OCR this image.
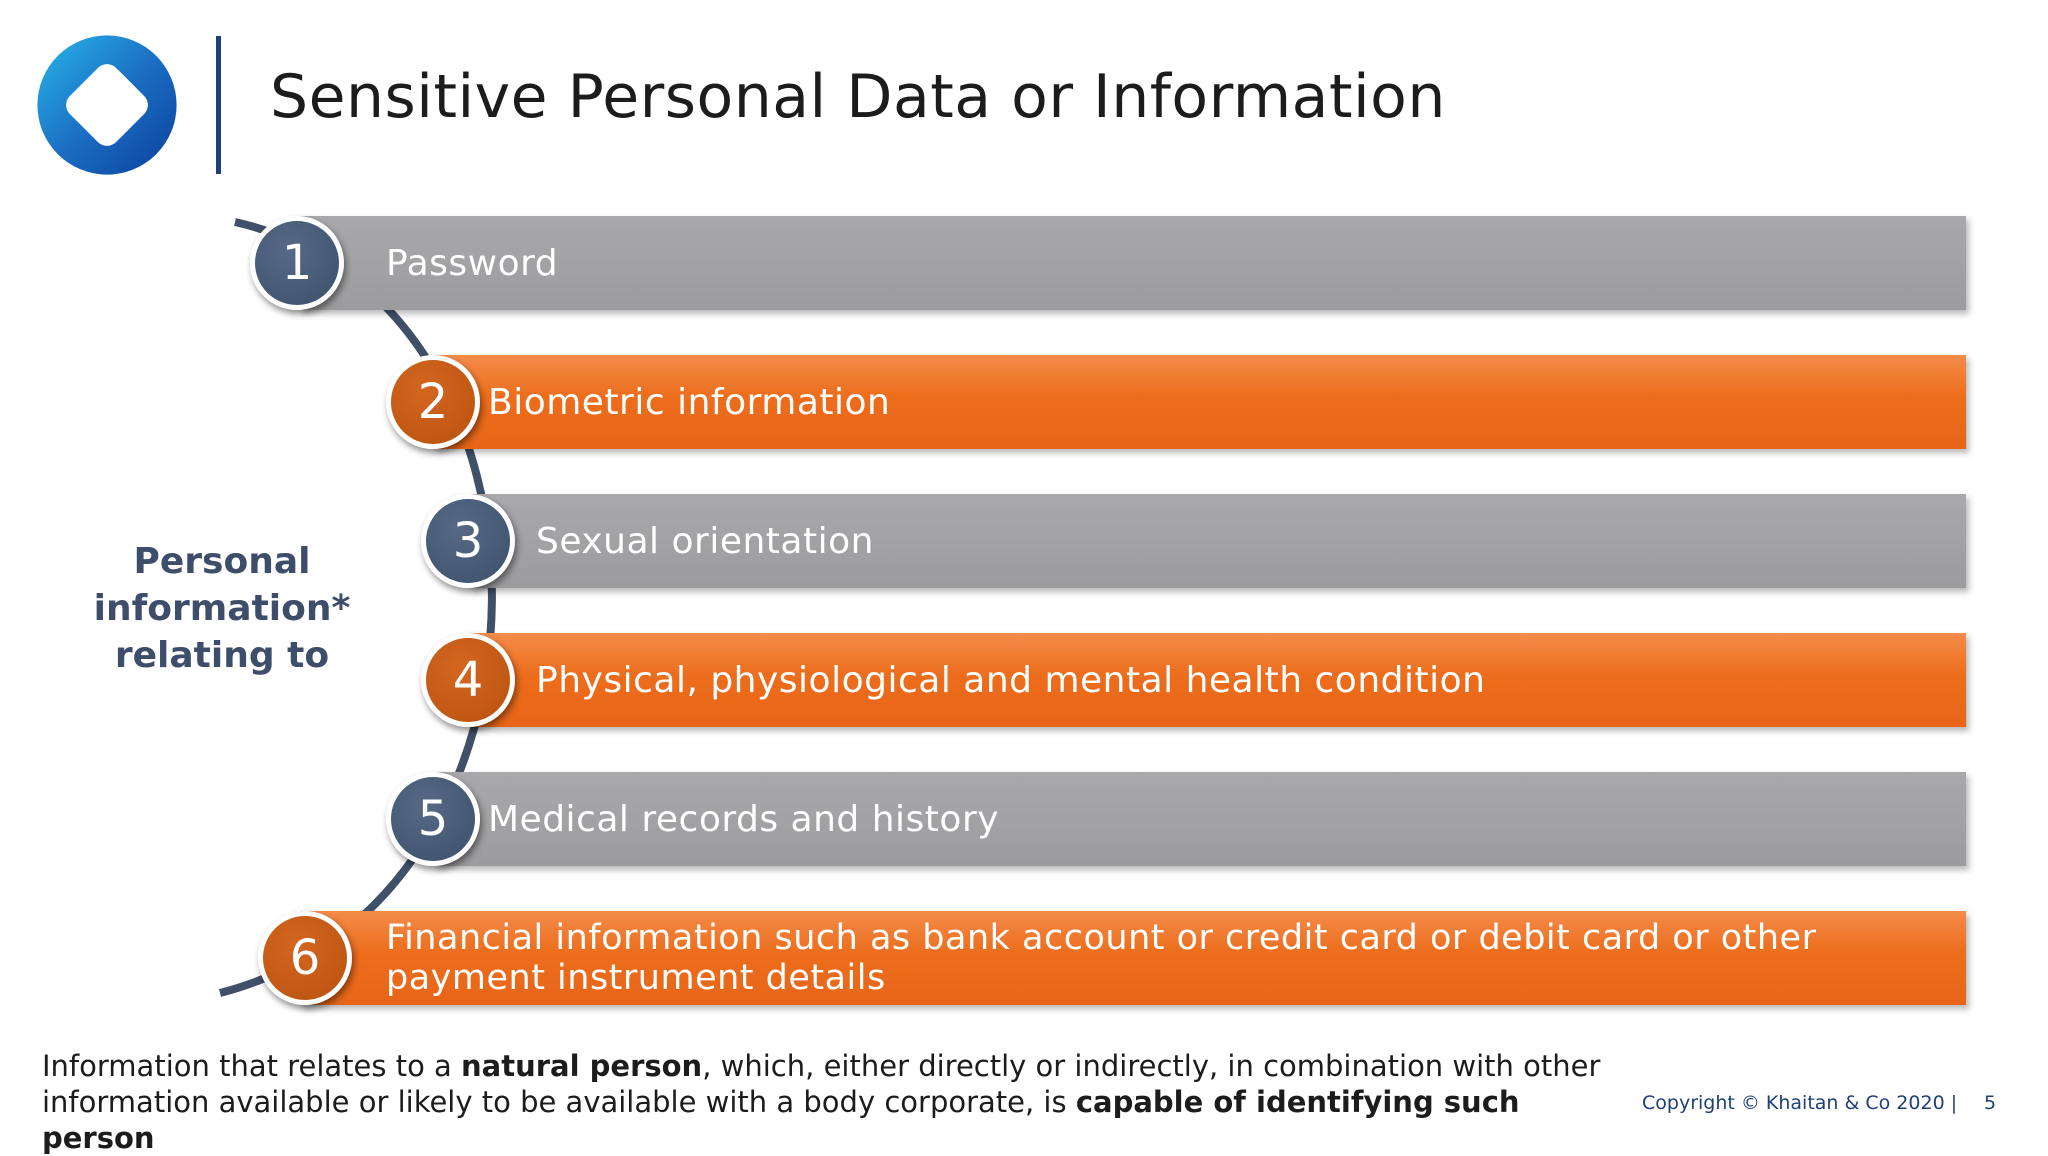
Sensitive Personal Data or Information
Password
Biometric information
Sexual orientation
Physical, physiological and mental health condition
Medical records and history
Financial information such as bank account or credit card or debit card or other payment instrument details
1
2
3
4
5
6
Personal information* relating to
Information that relates to a natural person, which, either directly or indirectly, in combination with other information available or likely to be available with a body corporate, is capable of identifying such person
Copyright © Khaitan & Co 2020 | 5
